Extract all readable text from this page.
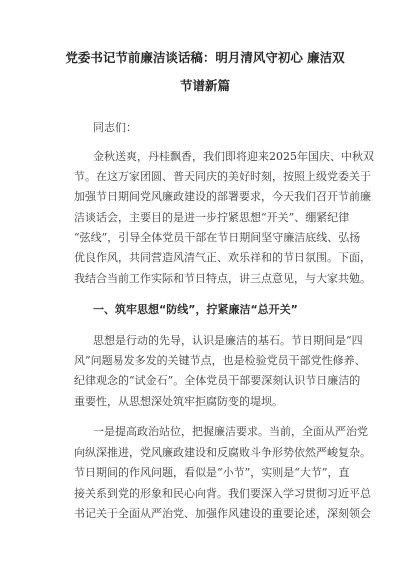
党委书记节前廉洁谈话稿：明月清风守初心 廉洁双
节谱新篇

同志们：

金秋送爽，丹桂飘香，我们即将迎来2025年国庆、中秋双

节。在这万家团圆、普天同庆的美好时刻，按照上级党委关于

加强节日期间党风廉政建设的部署要求，今天我们召开节前廉

洁谈话会，主要目的是进一步拧紧思想“开关”、绷紧纪律

“弦线”，引导全体党员干部在节日期间坚守廉洁底线、弘扬

优良作风，共同营造风清气正、欢乐祥和的节日氛围。下面，

我结合当前工作实际和节日特点，讲三点意见，与大家共勉。

一、筑牢思想“防线”，拧紧廉洁“总开关”

思想是行动的先导，认识是廉洁的基石。节日期间是“四

风”问题易发多发的关键节点，也是检验党员干部党性修养、

纪律观念的“试金石”。全体党员干部要深刻认识节日廉洁的

重要性，从思想深处筑牢拒腐防变的堤坝。

一是提高政治站位，把握廉洁要求。当前，全面从严治党

向纵深推进，党风廉政建设和反腐败斗争形势依然严峻复杂。

节日期间的作风问题，看似是“小节”，实则是“大节”，直

接关系到党的形象和民心向背。我们要深入学习贯彻习近平总

书记关于全面从严治党、加强作风建设的重要论述，深刻领会
